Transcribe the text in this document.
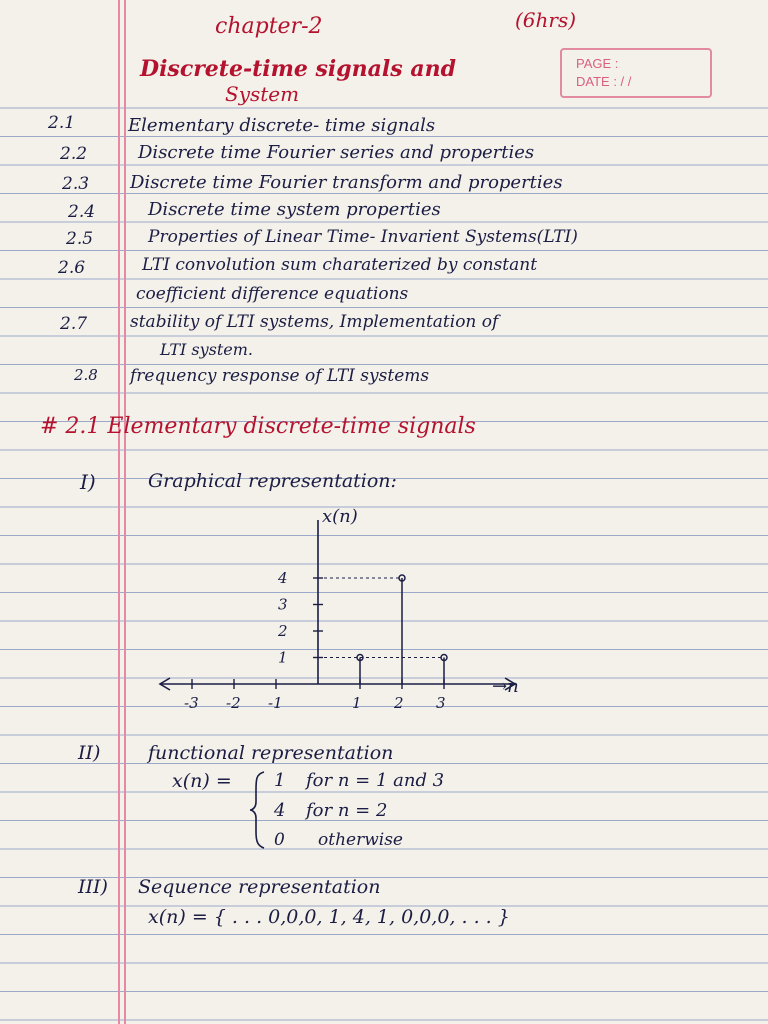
chapter-2	(6hrs)
Discrete-time signals and
System
PAGE :
DATE : / /
2.1	Elementary discrete- time signals
2.2	Discrete time Fourier series and properties
2.3 Discrete time Fourier transform and properties
2.4	Discrete time system properties
2.5	Properties of Linear Time- Invarient Systems(LTI)
2.6	LTI convolution sum charaterized by constant
coefficient difference equations
2.7	stability of LTI systems, Implementation of
LTI system.
2.8 frequency response of LTI systems
# 2.1 Elementary discrete-time signals
I)	Graphical representation:
-3 -2 -1	1 2 3
1
2
3
4
x(n)
→n
II)	functional representation
x(n) = 1 for n = 1 and 3
4 for n = 2
0 otherwise
III) Sequence representation
x(n) = { . . . 0,0,0, 1, 4, 1, 0,0,0, . . . }
